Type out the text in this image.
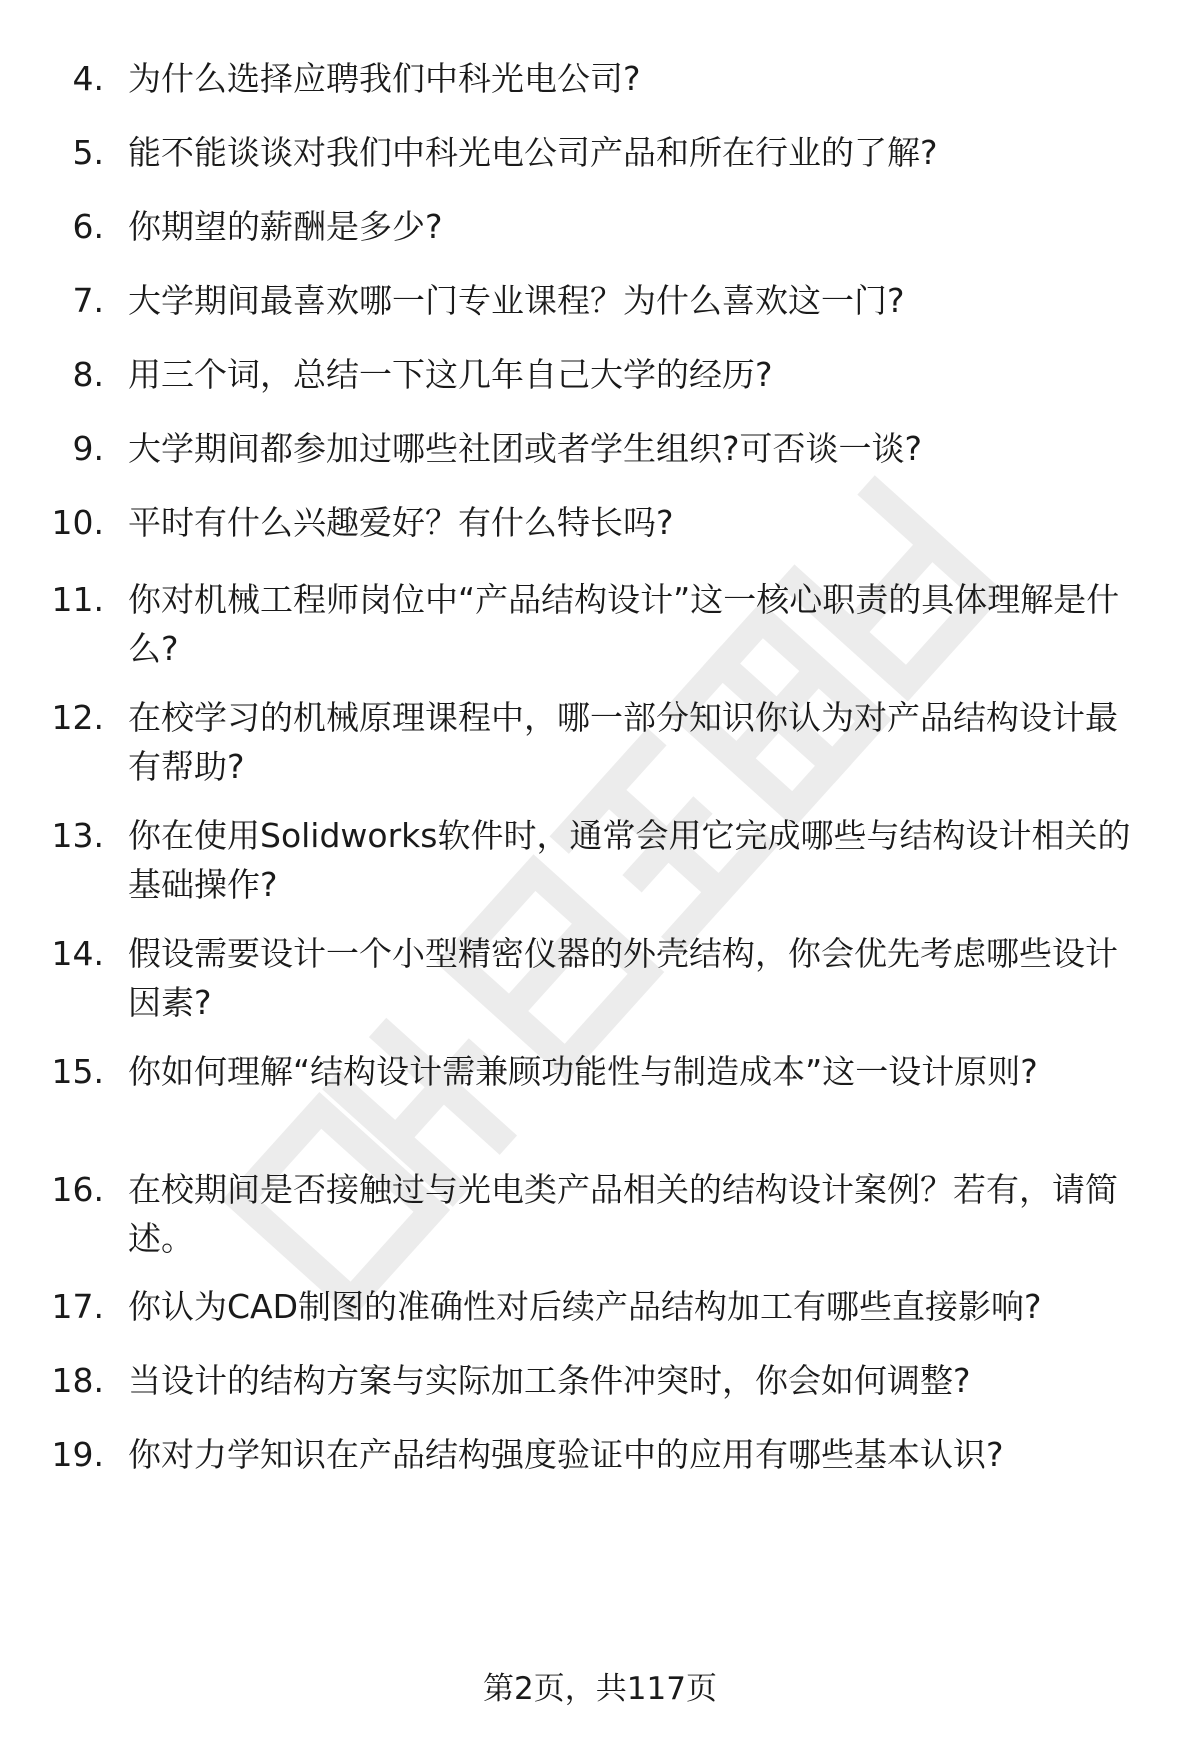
4. 为什么选择应聘我们中科光电公司?
5. 能不能谈谈对我们中科光电公司产品和所在行业的了解?
6. 你期望的薪酬是多少?
7. 大学期间最喜欢哪一门专业课程？为什么喜欢这一门?
8. 用三个词，总结一下这几年自己大学的经历?
9. 大学期间都参加过哪些社团或者学生组织?可否谈一谈?
10. 平时有什么兴趣爱好？有什么特长吗?
11. 你对机械工程师岗位中“产品结构设计”这一核心职责的具体理解是什么?
12. 在校学习的机械原理课程中，哪一部分知识你认为对产品结构设计最有帮助?
13. 你在使用Solidworks软件时，通常会用它完成哪些与结构设计相关的基础操作?
14. 假设需要设计一个小型精密仪器的外壳结构，你会优先考虑哪些设计因素?
15. 你如何理解“结构设计需兼顾功能性与制造成本”这一设计原则?
16. 在校期间是否接触过与光电类产品相关的结构设计案例？若有，请简述。
17. 你认为CAD制图的准确性对后续产品结构加工有哪些直接影响?
18. 当设计的结构方案与实际加工条件冲突时，你会如何调整?
19. 你对力学知识在产品结构强度验证中的应用有哪些基本认识?
第2页，共117页
